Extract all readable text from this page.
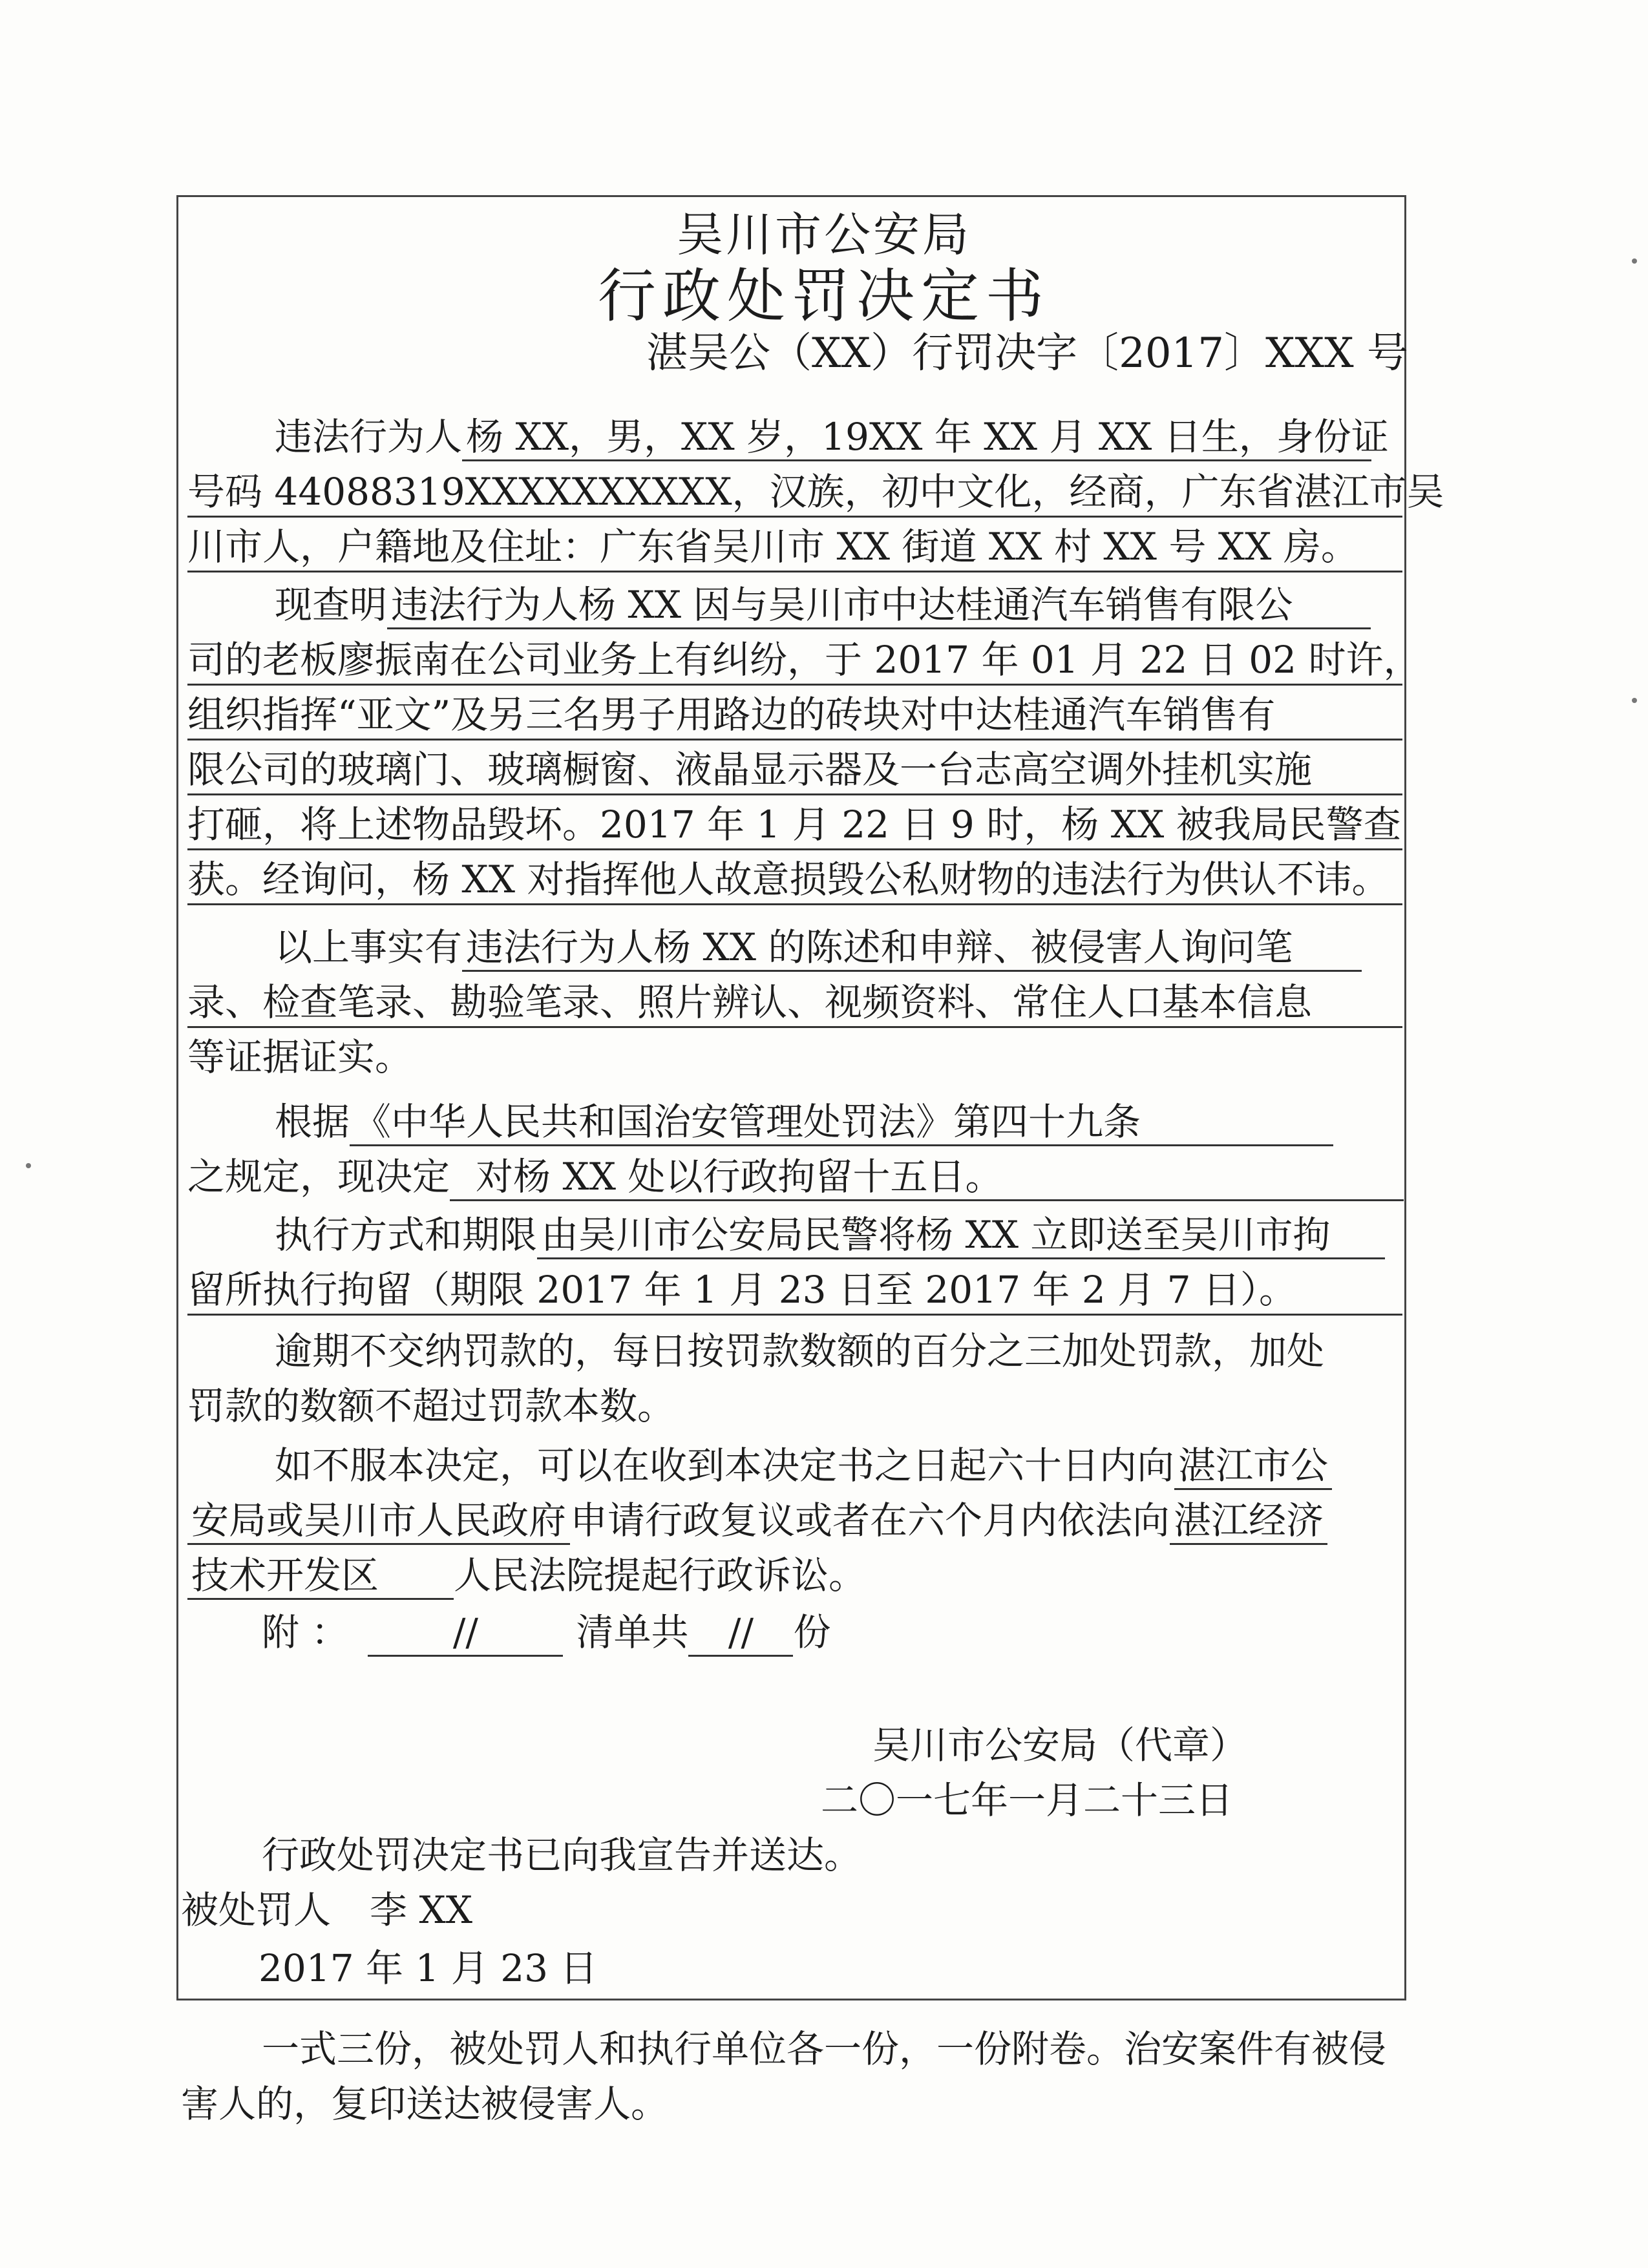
吴川市公安局
行政处罚决定书
湛吴公（XX）行罚决字〔2017〕XXX 号
违法行为人 杨 XX，男，XX 岁，19XX 年 XX 月 XX 日生，身份证
号码 44088319XXXXXXXXXX，汉族，初中文化，经商，广东省湛江市吴
川市人，户籍地及住址：广东省吴川市 XX 街道 XX 村 XX 号 XX 房。
现查明 违法行为人杨 XX 因与吴川市中达桂通汽车销售有限公
司的老板廖振南在公司业务上有纠纷，于 2017 年 01 月 22 日 02 时许，
组织指挥“亚文”及另三名男子用路边的砖块对中达桂通汽车销售有
限公司的玻璃门、玻璃橱窗、液晶显示器及一台志高空调外挂机实施
打砸，将上述物品毁坏。2017 年 1 月 22 日 9 时，杨 XX 被我局民警查
获。经询问，杨 XX 对指挥他人故意损毁公私财物的违法行为供认不讳。
以上事实有 违法行为人杨 XX 的陈述和申辩、被侵害人询问笔
录、检查笔录、勘验笔录、照片辨认、视频资料、常住人口基本信息
等证据证实。
根据 《中华人民共和国治安管理处罚法》第四十九条
之规定，现决定 对杨 XX 处以行政拘留十五日。
执行方式和期限 由吴川市公安局民警将杨 XX 立即送至吴川市拘
留所执行拘留（期限 2017 年 1 月 23 日至 2017 年 2 月 7 日）。
逾期不交纳罚款的，每日按罚款数额的百分之三加处罚款，加处
罚款的数额不超过罚款本数。
如不服本决定，可以在收到本决定书之日起六十日内向 湛江市公
安局或吴川市人民政府 申请行政复议或者在六个月内依法向 湛江经济
技术开发区 人民法院提起行政诉讼。
附 ：	//	清单共 // 份
吴川市公安局（代章）
二〇一七年一月二十三日
行政处罚决定书已向我宣告并送达。
被处罚人 李 XX
2017 年 1 月 23 日
一式三份，被处罚人和执行单位各一份，一份附卷。治安案件有被侵
害人的，复印送达被侵害人。
